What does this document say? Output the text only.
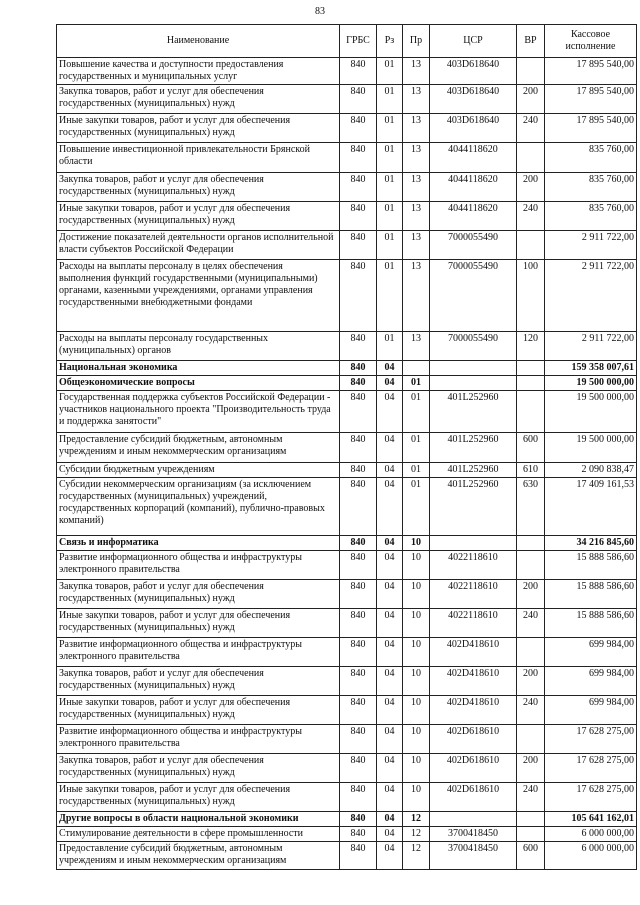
83
Наименование	ГРБС	Рз	Пр	ЦСР	ВР	Кассовое исполнение
Повышение качества и доступности предоставления государственных и муниципальных услуг	840	01	13	403D618640		17 895 540,00
Закупка товаров, работ и услуг для обеспечения государственных (муниципальных) нужд	840	01	13	403D618640	200	17 895 540,00
Иные закупки товаров, работ и услуг для обеспечения государственных (муниципальных) нужд	840	01	13	403D618640	240	17 895 540,00
Повышение инвестиционной привлекательности Брянской области	840	01	13	4044118620		835 760,00
Закупка товаров, работ и услуг для обеспечения государственных (муниципальных) нужд	840	01	13	4044118620	200	835 760,00
Иные закупки товаров, работ и услуг для обеспечения государственных (муниципальных) нужд	840	01	13	4044118620	240	835 760,00
Достижение показателей деятельности органов исполнительной власти субъектов Российской Федерации	840	01	13	7000055490		2 911 722,00
Расходы на выплаты персоналу в целях обеспечения выполнения функций государственными (муниципальными) органами, казенными учреждениями, органами управления государственными внебюджетными фондами	840	01	13	7000055490	100	2 911 722,00
Расходы на выплаты персоналу государственных (муниципальных) органов	840	01	13	7000055490	120	2 911 722,00
Национальная экономика	840	04				159 358 007,61
Общеэкономические вопросы	840	04	01			19 500 000,00
Государственная поддержка субъектов Российской Федерации - участников национального проекта "Производительность труда и поддержка занятости"	840	04	01	401L252960		19 500 000,00
Предоставление субсидий бюджетным, автономным учреждениям и иным некоммерческим организациям	840	04	01	401L252960	600	19 500 000,00
Субсидии бюджетным учреждениям	840	04	01	401L252960	610	2 090 838,47
Субсидии некоммерческим организациям (за исключением государственных (муниципальных) учреждений, государственных корпораций (компаний), публично-правовых компаний)	840	04	01	401L252960	630	17 409 161,53
Связь и информатика	840	04	10			34 216 845,60
Развитие информационного общества и инфраструктуры электронного правительства	840	04	10	4022118610		15 888 586,60
Закупка товаров, работ и услуг для обеспечения государственных (муниципальных) нужд	840	04	10	4022118610	200	15 888 586,60
Иные закупки товаров, работ и услуг для обеспечения государственных (муниципальных) нужд	840	04	10	4022118610	240	15 888 586,60
Развитие информационного общества и инфраструктуры электронного правительства	840	04	10	402D418610		699 984,00
Закупка товаров, работ и услуг для обеспечения государственных (муниципальных) нужд	840	04	10	402D418610	200	699 984,00
Иные закупки товаров, работ и услуг для обеспечения государственных (муниципальных) нужд	840	04	10	402D418610	240	699 984,00
Развитие информационного общества и инфраструктуры электронного правительства	840	04	10	402D618610		17 628 275,00
Закупка товаров, работ и услуг для обеспечения государственных (муниципальных) нужд	840	04	10	402D618610	200	17 628 275,00
Иные закупки товаров, работ и услуг для обеспечения государственных (муниципальных) нужд	840	04	10	402D618610	240	17 628 275,00
Другие вопросы в области национальной экономики	840	04	12			105 641 162,01
Стимулирование деятельности в сфере промышленности	840	04	12	3700418450		6 000 000,00
Предоставление субсидий бюджетным, автономным учреждениям и иным некоммерческим организациям	840	04	12	3700418450	600	6 000 000,00
